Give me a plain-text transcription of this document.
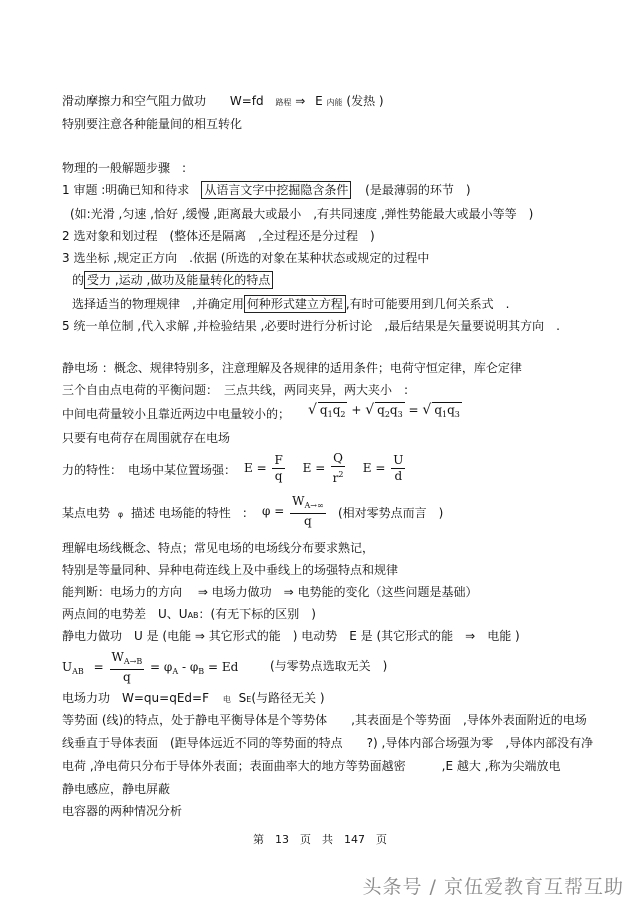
滑动摩擦力和空气阻力做功 W=fd 路程 ⇒ E 内能 (发热 )
特别要注意各种能量间的相互转化
物理的一般解题步骤　:
1 审题 :明确已知和待求　从语言文字中挖掘隐含条件 (是最薄弱的环节　)
(如:光滑 ,匀速 ,恰好 ,缓慢 ,距离最大或最小　,有共同速度 ,弹性势能最大或最小等等　)
2 选对象和划过程　(整体还是隔离　,全过程还是分过程　)
3 选坐标 ,规定正方向　.依据 (所选的对象在某种状态或规定的过程中
的 受力 ,运动 ,做功及能量转化的特点
选择适当的物理规律　,并确定用 何种形式建立方程 ,有时可能要用到几何关系式　.
5 统一单位制 ,代入求解 ,并检验结果 ,必要时进行分析讨论　,最后结果是矢量要说明其方向　.
静电场 ：概念、规律特别多，注意理解及各规律的适用条件；电荷守恒定律，库仑定律
三个自由点电荷的平衡问题：　三点共线，两同夹异，两大夹小　:
中间电荷量较小且靠近两边中电量较小的； √ $q_1q_2$ + √ $q_2q_3$ = √ $q_1q_3$
只要有电荷存在周围就存在电场
力的特性：　电场中某位置场强： $E = \frac{F}{q}$ $E = \frac{Q}{r^2}$ $E = \frac{U}{d}$
某点电势 φ 描述 电场能的特性　: $\varphi = \frac{W_{A\to\infty}}{q}$ (相对零势点而言　)
理解电场线概念、特点；常见电场的电场线分布要求熟记，
特别是等量同种、异种电荷连线上及中垂线上的场强特点和规律
能判断：电场力的方向　 ⇒ 电场力做功　⇒ 电势能的变化（这些问题是基础）
两点间的电势差　U、UAB：(有无下标的区别　)
静电力做功　U 是 (电能 ⇒ 其它形式的能　) 电动势　E 是 (其它形式的能　⇒　电能 )
$U_{AB} = \frac{W_{A\to B}}{q} = \varphi_A - \varphi_B = Ed$	(与零势点选取无关　)
电场力功　W=qu=qEd=F 电 SE(与路径无关 )
等势面 (线)的特点，处于静电平衡导体是个等势体　　,其表面是个等势面　,导体外表面附近的电场
线垂直于导体表面　(距导体远近不同的等势面的特点　　?) ,导体内部合场强为零　,导体内部没有净
电荷 ,净电荷只分布于导体外表面；表面曲率大的地方等势面越密　　　,E 越大 ,称为尖端放电
静电感应，静电屏蔽
电容器的两种情况分析
第　13　页　共　147　页
头条号 / 京伍爱教育互帮互助
